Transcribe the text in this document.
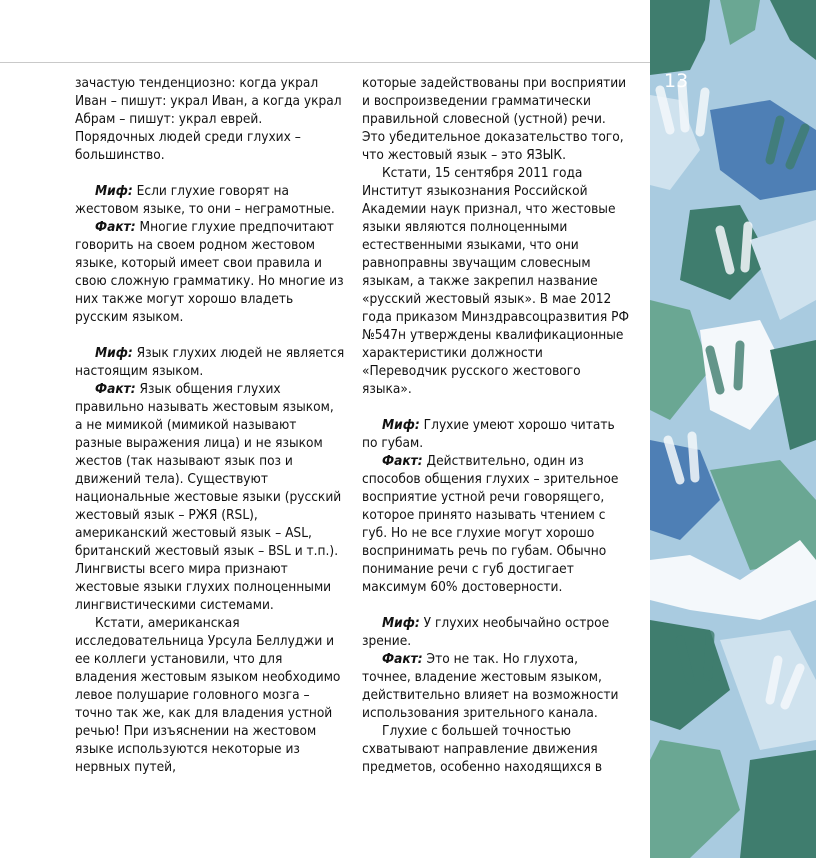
зачастую тенденциозно: когда украл Иван – пишут: украл Иван, а когда украл Абрам – пишут: украл еврей. Порядочных людей среди глухих – большинство.

Миф: Если глухие говорят на жестовом языке, то они – неграмотные.

Факт: Многие глухие предпочитают говорить на своем родном жестовом языке, который имеет свои правила и свою сложную грамматику. Но многие из них также могут хорошо владеть русским языком.

Миф: Язык глухих людей не является настоящим языком.

Факт: Язык общения глухих правильно называть жестовым языком, а не мимикой (мимикой называют разные выражения лица) и не языком жестов (так называют язык поз и движений тела). Существуют национальные жестовые языки (русский жестовый язык – РЖЯ (RSL), американский жестовый язык – ASL, британский жестовый язык – BSL и т.п.). Лингвисты всего мира признают жестовые языки глухих полноценными лингвистическими системами.

Кстати, американская исследовательница Урсула Беллуджи и ее коллеги установили, что для владения жестовым языком необходимо левое полушарие головного мозга – точно так же, как для владения устной речью! При изъяснении на жестовом языке используются некоторые из нервных путей,

которые задействованы при восприятии и воспроизведении грамматически правильной словесной (устной) речи. Это убедительное доказательство того, что жестовый язык – это ЯЗЫК.

Кстати, 15 сентября 2011 года Институт языкознания Российской Академии наук признал, что жестовые языки являются полноценными естественными языками, что они равноправны звучащим словесным языкам, а также закрепил название «русский жестовый язык». В мае 2012 года приказом Минздравсоцразвития РФ №547н утверждены квалификационные характеристики должности «Переводчик русского жестового языка».

Миф: Глухие умеют хорошо читать по губам.

Факт: Действительно, один из способов общения глухих – зрительное восприятие устной речи говорящего, которое принято называть чтением с губ. Но не все глухие могут хорошо воспринимать речь по губам. Обычно понимание речи с губ достигает максимум 60% достоверности.

Миф: У глухих необычайно острое зрение.

Факт: Это не так. Но глухота, точнее, владение жестовым языком, действительно влияет на возможности использования зрительного канала.

Глухие с большей точностью схватывают направление движения предметов, особенно находящихся в

13
